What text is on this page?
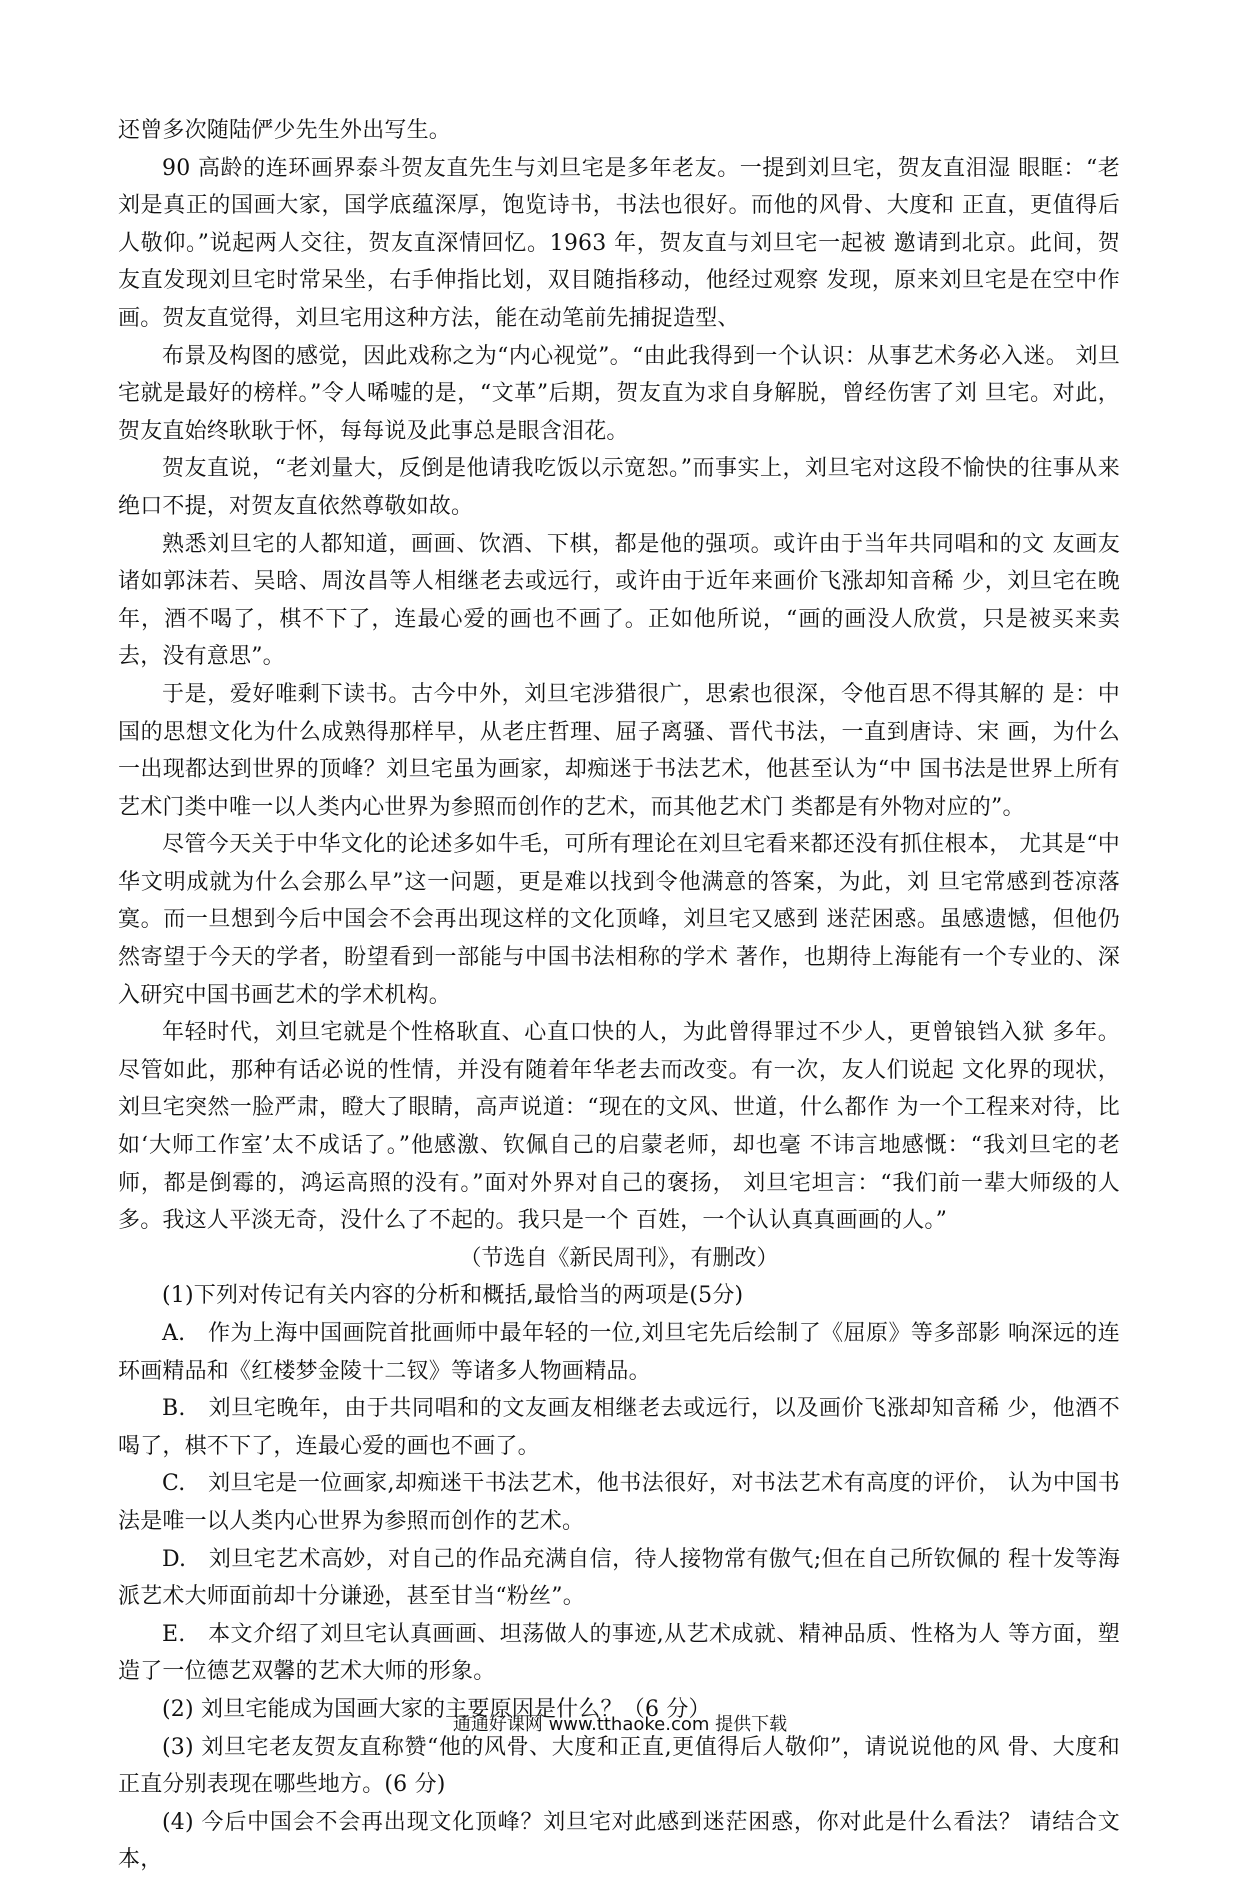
还曾多次随陆俨少先生外出写生。

90 高龄的连环画界泰斗贺友直先生与刘旦宅是多年老友。一提到刘旦宅，贺友直泪湿 眼眶：“老刘是真正的国画大家，国学底蕴深厚，饱览诗书，书法也很好。而他的风骨、大度和 正直，更值得后人敬仰。”说起两人交往，贺友直深情回忆。1963 年，贺友直与刘旦宅一起被 邀请到北京。此间，贺友直发现刘旦宅时常呆坐，右手伸指比划，双目随指移动，他经过观察 发现，原来刘旦宅是在空中作画。贺友直觉得，刘旦宅用这种方法，能在动笔前先捕捉造型、

布景及构图的感觉，因此戏称之为“内心视觉”。“由此我得到一个认识：从事艺术务必入迷。 刘旦宅就是最好的榜样。”令人唏嘘的是，“文革”后期，贺友直为求自身解脱，曾经伤害了刘 旦宅。对此，贺友直始终耿耿于怀，每每说及此事总是眼含泪花。

贺友直说，“老刘量大，反倒是他请我吃饭以示宽恕。”而事实上，刘旦宅对这段不愉快的往事从来绝口不提，对贺友直依然尊敬如故。

熟悉刘旦宅的人都知道，画画、饮酒、下棋，都是他的强项。或许由于当年共同唱和的文 友画友诸如郭沫若、吴晗、周汝昌等人相继老去或远行，或许由于近年来画价飞涨却知音稀 少，刘旦宅在晚年，酒不喝了，棋不下了，连最心爱的画也不画了。正如他所说，“画的画没人欣赏，只是被买来卖去，没有意思”。

于是，爱好唯剩下读书。古今中外，刘旦宅涉猎很广，思索也很深，令他百思不得其解的 是：中国的思想文化为什么成熟得那样早，从老庄哲理、屈子离骚、晋代书法，一直到唐诗、宋 画，为什么一出现都达到世界的顶峰？刘旦宅虽为画家，却痴迷于书法艺术，他甚至认为“中 国书法是世界上所有艺术门类中唯一以人类内心世界为参照而创作的艺术，而其他艺术门 类都是有外物对应的”。

尽管今天关于中华文化的论述多如牛毛，可所有理论在刘旦宅看来都还没有抓住根本， 尤其是“中华文明成就为什么会那么早”这一问题，更是难以找到令他满意的答案，为此，刘 旦宅常感到苍凉落寞。而一旦想到今后中国会不会再出现这样的文化顶峰，刘旦宅又感到 迷茫困惑。虽感遗憾，但他仍然寄望于今天的学者，盼望看到一部能与中国书法相称的学术 著作，也期待上海能有一个专业的、深入研究中国书画艺术的学术机构。

年轻时代，刘旦宅就是个性格耿直、心直口快的人，为此曾得罪过不少人，更曾锒铛入狱 多年。尽管如此，那种有话必说的性情，并没有随着年华老去而改变。有一次，友人们说起 文化界的现状，刘旦宅突然一脸严肃，瞪大了眼睛，高声说道：“现在的文风、世道，什么都作 为一个工程来对待，比如‘大师工作室’太不成话了。”他感激、钦佩自己的启蒙老师，却也毫 不讳言地感慨：“我刘旦宅的老师，都是倒霉的，鸿运高照的没有。”面对外界对自己的褒扬， 刘旦宅坦言：“我们前一辈大师级的人多。我这人平淡无奇，没什么了不起的。我只是一个 百姓，一个认认真真画画的人。”

（节选自《新民周刊》，有删改）

(1)下列对传记有关内容的分析和概括,最恰当的两项是(5分)

A.　作为上海中国画院首批画师中最年轻的一位,刘旦宅先后绘制了《屈原》等多部影 响深远的连环画精品和《红楼梦金陵十二钗》等诸多人物画精品。

B.　刘旦宅晚年，由于共同唱和的文友画友相继老去或远行，以及画价飞涨却知音稀 少，他酒不喝了，棋不下了，连最心爱的画也不画了。

C.　刘旦宅是一位画家,却痴迷干书法艺术，他书法很好，对书法艺术有高度的评价， 认为中国书法是唯一以人类内心世界为参照而创作的艺术。

D.　刘旦宅艺术高妙，对自己的作品充满自信，待人接物常有傲气;但在自己所钦佩的 程十发等海派艺术大师面前却十分谦逊，甚至甘当“粉丝”。

E.　本文介绍了刘旦宅认真画画、坦荡做人的事迹,从艺术成就、精神品质、性格为人 等方面，塑造了一位德艺双馨的艺术大师的形象。

(2) 刘旦宅能成为国画大家的主要原因是什么？（6 分）

(3) 刘旦宅老友贺友直称赞“他的风骨、大度和正直,更值得后人敬仰”，请说说他的风 骨、大度和正直分别表现在哪些地方。(6 分)

(4) 今后中国会不会再出现文化顶峰？刘旦宅对此感到迷茫困惑，你对此是什么看法？ 请结合文本，

通通好课网 www.tthaoke.com 提供下载
